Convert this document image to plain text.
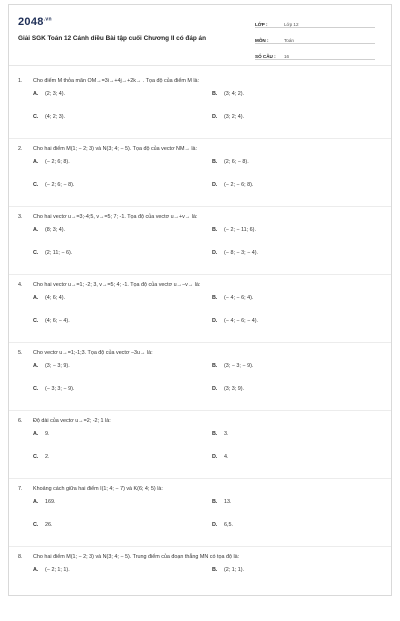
$2048^{.vn}$
Giải SGK Toán 12 Cánh diều Bài tập cuối Chương II có đáp án
LỚP :	Lớp 12
MÔN :	Toán
SỐ CÂU :	16
1. Cho điểm M thỏa mãn OM→=3i→+4j→+2k→ . Tọa độ của điểm M là:
A. (2; 3; 4).	B. (3; 4; 2).
C. (4; 2; 3).	D. (3; 2; 4).
2. Cho hai điểm M(1; − 2; 3) và N(3; 4; − 5). Tọa độ của vectơ NM→ là:
A. (− 2; 6; 8).	B. (2; 6; − 8).
C. (− 2; 6; − 8).	D. (− 2; − 6; 8).
3. Cho hai vectơ u→=3;-4;5, v→=5; 7; -1. Tọa độ của vectơ u→+v→ là:
A. (8; 3; 4).	B. (− 2; − 11; 6).
C. (2; 11; − 6).	D. (− 8; − 3; − 4).
4. Cho hai vectơ u→=1; -2; 3, v→=5; 4; -1. Tọa độ của vectơ u→−v→ là:
A. (4; 6; 4).	B. (− 4; − 6; 4).
C. (4; 6; − 4).	D. (− 4; − 6; − 4).
5. Cho vectơ u→=1;-1;3. Tọa độ của vectơ −3u→ là:
A. (3; − 3; 9).	B. (3; − 3; − 9).
C. (− 3; 3; − 9).	D. (3; 3; 9).
6. Độ dài của vectơ u→=2; -2; 1 là:
A. 9.	B. 3.
C. 2.	D. 4.
7. Khoảng cách giữa hai điểm I(1; 4; − 7) và K(6; 4; 5) là:
A. 169.	B. 13.
C. 26.	D. 6,5.
8. Cho hai điểm M(1; − 2; 3) và N(3; 4; − 5). Trung điểm của đoạn thẳng MN có tọa độ là:
A. (− 2; 1; 1).	B. (2; 1; 1).
